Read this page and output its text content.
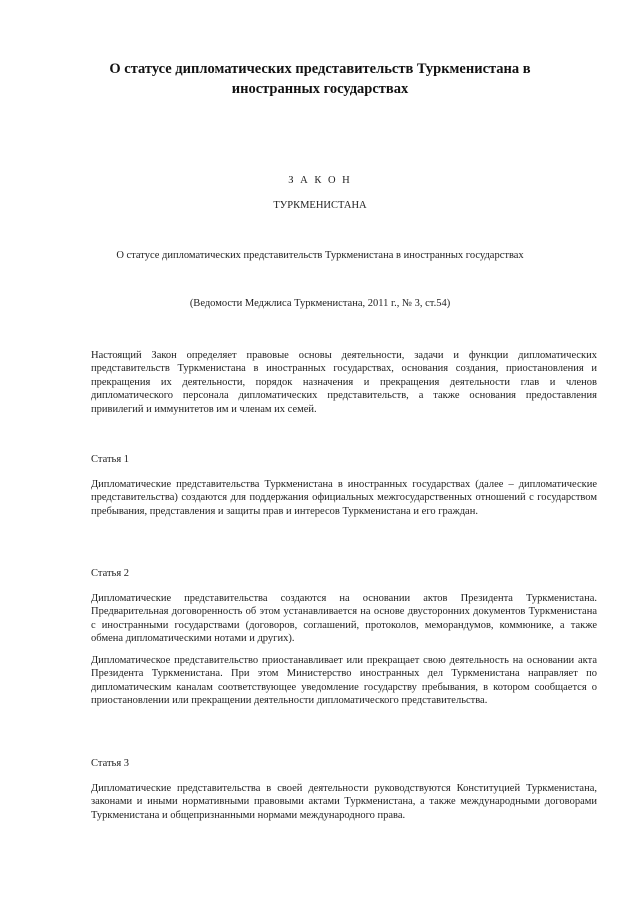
О статусе дипломатических представительств Туркменистана в иностранных государствах
З А К О Н
ТУРКМЕНИСТАНА
О статусе дипломатических представительств Туркменистана в иностранных государствах
(Ведомости Меджлиса Туркменистана, 2011 г., № 3, ст.54)
Настоящий Закон определяет правовые основы деятельности, задачи и функции дипломатических представительств Туркменистана в иностранных государствах, основания создания, приостановления и прекращения их деятельности, порядок назначения и прекращения деятельности глав и членов дипломатического персонала дипломатических представительств, а также основания предоставления привилегий и иммунитетов им и членам их семей.
Статья 1
Дипломатические представительства Туркменистана в иностранных государствах (далее – дипломатические представительства) создаются для поддержания официальных межгосударственных отношений с государством пребывания, представления и защиты прав и интересов Туркменистана и его граждан.
Статья 2
Дипломатические представительства создаются на основании актов Президента Туркменистана. Предварительная договоренность об этом устанавливается на основе двусторонних документов Туркменистана с иностранными государствами (договоров, соглашений, протоколов, меморандумов, коммюнике, а также обмена дипломатическими нотами и других).
Дипломатическое представительство приостанавливает или прекращает свою деятельность на основании акта Президента Туркменистана. При этом Министерство иностранных дел Туркменистана направляет по дипломатическим каналам соответствующее уведомление государству пребывания, в котором сообщается о приостановлении или прекращении деятельности дипломатического представительства.
Статья 3
Дипломатические представительства в своей деятельности руководствуются Конституцией Туркменистана, законами и иными нормативными правовыми актами Туркменистана, а также международными договорами Туркменистана и общепризнанными нормами международного права.
